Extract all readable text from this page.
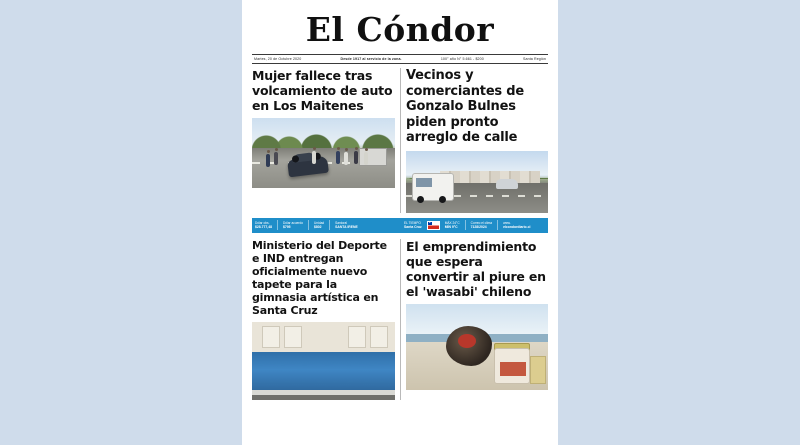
El Cóndor
Martes, 20 de Octubre 2020	Desde 1917 al servicio de la zona.	100° año N° 5.661 - $200	Santa Región
Mujer fallece tras volcamiento de auto en Los Maitenes
Vecinos y comerciantes de Gonzalo Bulnes piden pronto arreglo de calle
Dólar obs.
$28.777,48
Dólar acuerdo
$795
Unidad
$802
Santoral
SANTA IRENE
EL TIEMPO
Santa Cruz
★
MÁX 24°C
MÍN 9°C
Correo el clima
7128/2024
www.
elcondordiario.cl
Ministerio del Deporte e IND entregan oficialmente nuevo tapete para la gimnasia artística en Santa Cruz
El emprendimiento que espera convertir al piure en el 'wasabi' chileno
